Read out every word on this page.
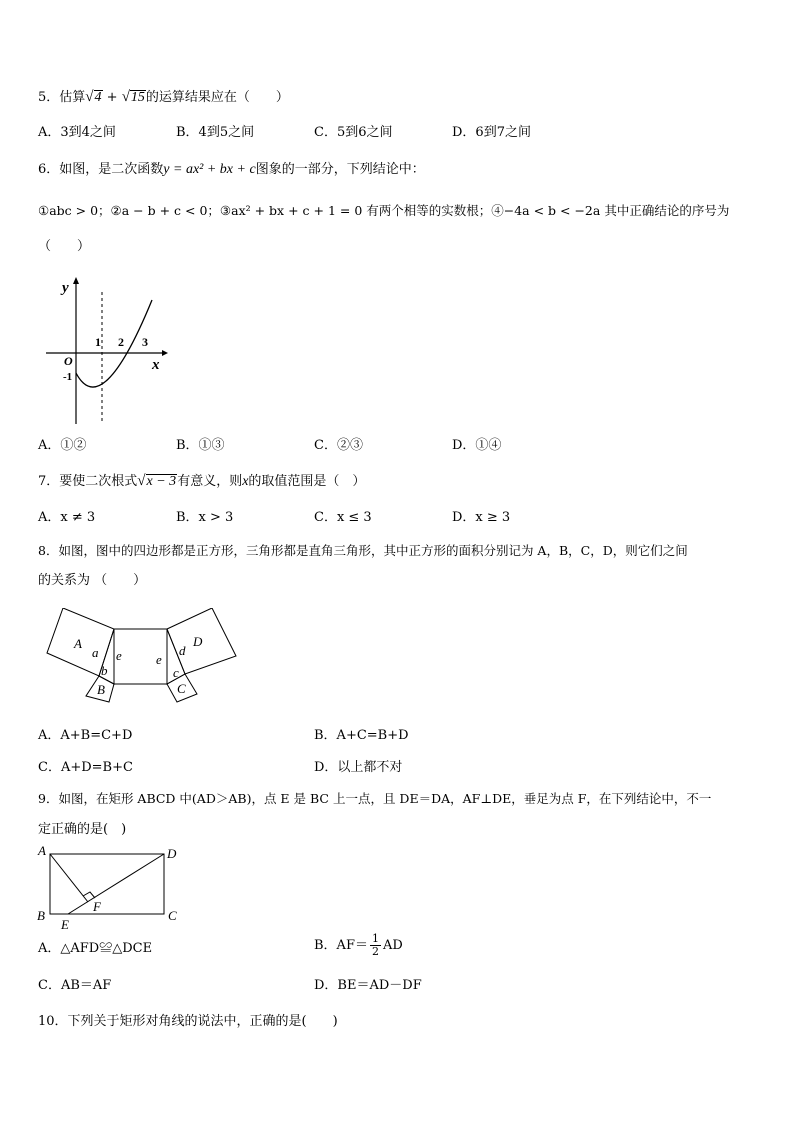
5．估算√4 + √15的运算结果应在（　　）
A．3到4之间	B．4到5之间	C．5到6之间	D．6到7之间
6．如图，是二次函数y = ax² + bx + c图象的一部分，下列结论中：
①abc > 0；②a − b + c < 0；③ax² + bx + c + 1 = 0 有两个相等的实数根；④−4a < b < −2a 其中正确结论的序号为
（　　）
y
x
O
1 2 3
-1
A．①②	B．①③	C．②③	D．①④
7．要使二次根式√x − 3有意义，则x的取值范围是（　）
A．x ≠ 3	B．x > 3	C．x ≤ 3	D．x ≥ 3
8．如图，图中的四边形都是正方形，三角形都是直角三角形，其中正方形的面积分别记为 A，B，C，D，则它们之间
的关系为 （　　）
A
a
b
B
e	e
D
d
c
C
A．A+B=C+D	B．A+C=B+D
C．A+D=B+C	D．以上都不对
9．如图，在矩形 ABCD 中(AD＞AB)，点 E 是 BC 上一点，且 DE＝DA，AF⊥DE，垂足为点 F，在下列结论中，不一
定正确的是(　)
A	D
B	C
E
F
A．△AFD≌△DCE	B．$AF= \frac{1}{2}$ AD
C．AB＝AF	D．BE＝AD－DF
10．下列关于矩形对角线的说法中，正确的是(　　)
